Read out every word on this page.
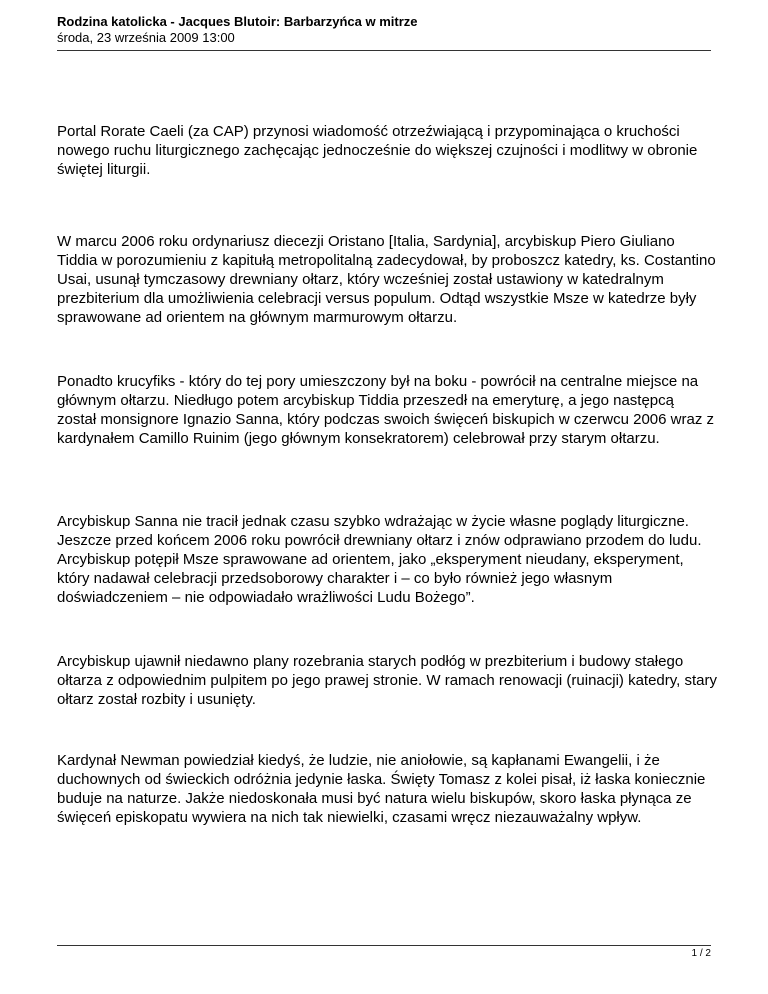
Rodzina katolicka - Jacques Blutoir: Barbarzyńca w mitrze

środa, 23 września 2009 13:00

Portal Rorate Caeli (za CAP) przynosi wiadomość otrzeźwiającą i przypominająca o kruchości nowego ruchu liturgicznego zachęcając jednocześnie do większej czujności i modlitwy w obronie świętej liturgii.

W marcu 2006 roku ordynariusz diecezji Oristano [Italia, Sardynia], arcybiskup Piero Giuliano Tiddia w porozumieniu z kapitułą metropolitalną zadecydował, by proboszcz katedry, ks. Costantino Usai, usunął tymczasowy drewniany ołtarz, który wcześniej został ustawiony w katedralnym prezbiterium dla umożliwienia celebracji versus populum. Odtąd wszystkie Msze w katedrze były sprawowane ad orientem na głównym marmurowym ołtarzu.

Ponadto krucyfiks - który do tej pory umieszczony był na boku - powrócił na centralne miejsce na głównym ołtarzu. Niedługo potem arcybiskup Tiddia przeszedł na emeryturę, a jego następcą został monsignore Ignazio Sanna, który podczas swoich święceń biskupich w czerwcu 2006 wraz z kardynałem Camillo Ruinim (jego głównym konsekratorem) celebrował przy starym ołtarzu.

Arcybiskup Sanna nie tracił jednak czasu szybko wdrażając w życie własne poglądy liturgiczne. Jeszcze przed końcem 2006 roku powrócił drewniany ołtarz i znów odprawiano przodem do ludu. Arcybiskup potępił Msze sprawowane ad orientem, jako „eksperyment nieudany, eksperyment, który nadawał celebracji przedsoborowy charakter i – co było również jego własnym doświadczeniem – nie odpowiadało wrażliwości Ludu Bożego”.

Arcybiskup ujawnił niedawno plany rozebrania starych podłóg w prezbiterium i budowy stałego ołtarza z odpowiednim pulpitem po jego prawej stronie. W ramach renowacji (ruinacji) katedry, stary ołtarz został rozbity i usunięty.

Kardynał Newman powiedział kiedyś, że ludzie, nie aniołowie, są kapłanami Ewangelii, i że duchownych od świeckich odróżnia jedynie łaska. Święty Tomasz z kolei pisał, iż łaska koniecznie buduje na naturze. Jakże niedoskonała musi być natura wielu biskupów, skoro łaska płynąca ze święceń episkopatu wywiera na nich tak niewielki, czasami wręcz niezauważalny wpływ.

1 / 2
